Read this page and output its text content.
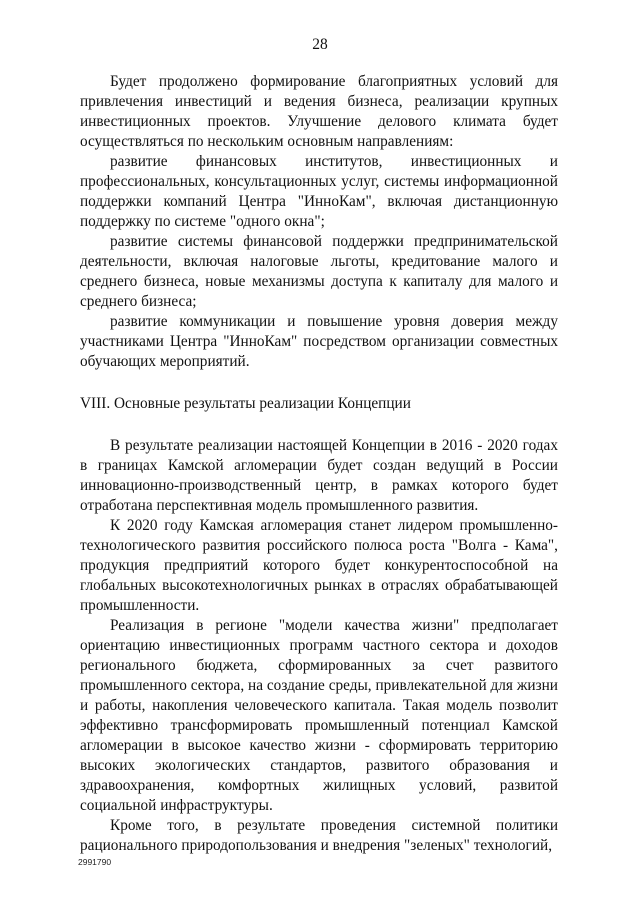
28

Будет продолжено формирование благоприятных условий для привлечения инвестиций и ведения бизнеса, реализации крупных инвестиционных проектов. Улучшение делового климата будет осуществляться по нескольким основным направлениям:

развитие финансовых институтов, инвестиционных и профессиональных, консультационных услуг, системы информационной поддержки компаний Центра "ИнноКам", включая дистанционную поддержку по системе "одного окна";

развитие системы финансовой поддержки предпринимательской деятельности, включая налоговые льготы, кредитование малого и среднего бизнеса, новые механизмы доступа к капиталу для малого и среднего бизнеса;

развитие коммуникации и повышение уровня доверия между участниками Центра "ИнноКам" посредством организации совместных обучающих мероприятий.

VIII. Основные результаты реализации Концепции

В результате реализации настоящей Концепции в 2016 - 2020 годах в границах Камской агломерации будет создан ведущий в России инновационно-производственный центр, в рамках которого будет отработана перспективная модель промышленного развития.

К 2020 году Камская агломерация станет лидером промышленно-технологического развития российского полюса роста "Волга - Кама", продукция предприятий которого будет конкурентоспособной на глобальных высокотехнологичных рынках в отраслях обрабатывающей промышленности.

Реализация в регионе "модели качества жизни" предполагает ориентацию инвестиционных программ частного сектора и доходов регионального бюджета, сформированных за счет развитого промышленного сектора, на создание среды, привлекательной для жизни и работы, накопления человеческого капитала. Такая модель позволит эффективно трансформировать промышленный потенциал Камской агломерации в высокое качество жизни - сформировать территорию высоких экологических стандартов, развитого образования и здравоохранения, комфортных жилищных условий, развитой социальной инфраструктуры.

Кроме того, в результате проведения системной политики рационального природопользования и внедрения "зеленых" технологий,

2991790
